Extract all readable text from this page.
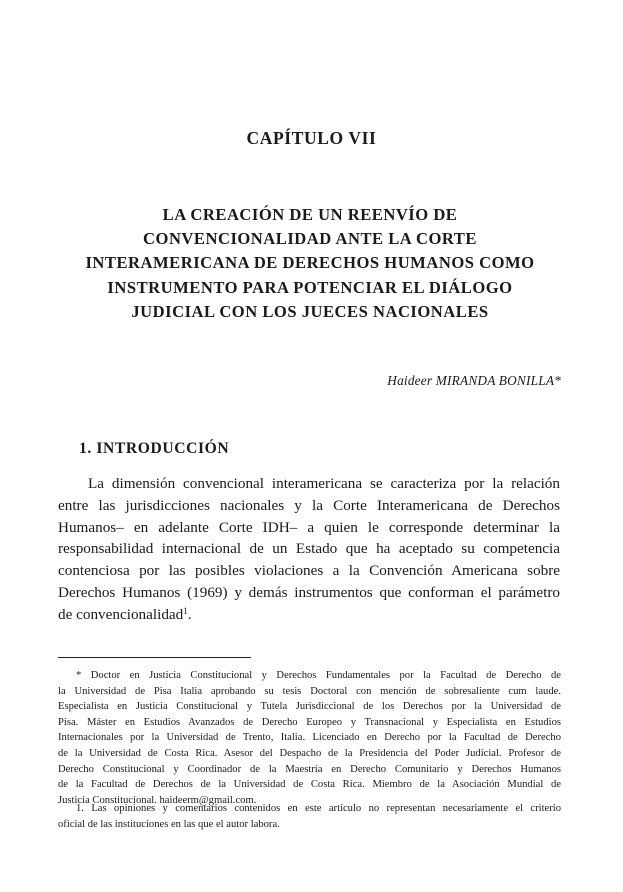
CAPÍTULO VII
LA CREACIÓN DE UN REENVÍO DE
CONVENCIONALIDAD ANTE LA CORTE
INTERAMERICANA DE DERECHOS HUMANOS COMO
INSTRUMENTO PARA POTENCIAR EL DIÁLOGO
JUDICIAL CON LOS JUECES NACIONALES

Haideer MIRANDA BONILLA*

1. INTRODUCCIÓN

La dimensión convencional interamericana se caracteriza por la relación
entre las jurisdicciones nacionales y la Corte Interamericana de Derechos
Humanos– en adelante Corte IDH– a quien le corresponde determinar la
responsabilidad internacional de un Estado que ha aceptado su competencia
contenciosa por las posibles violaciones a la Convención Americana sobre
Derechos Humanos (1969) y demás instrumentos que conforman el parámetro
de convencionalidad$^1$.

* Doctor en Justicia Constitucional y Derechos Fundamentales por la Facultad de Derecho de
la Universidad de Pisa Italia aprobando su tesis Doctoral con mención de sobresaliente cum laude.
Especialista en Justicia Constitucional y Tutela Jurisdiccional de los Derechos por la Universidad de
Pisa. Máster en Estudios Avanzados de Derecho Europeo y Transnacional y Especialista en Estudios
Internacionales por la Universidad de Trento, Italia. Licenciado en Derecho por la Facultad de Derecho
de la Universidad de Costa Rica. Asesor del Despacho de la Presidencia del Poder Judicial. Profesor de
Derecho Constitucional y Coordinador de la Maestría en Derecho Comunitario y Derechos Humanos
de la Facultad de Derechos de la Universidad de Costa Rica. Miembro de la Asociación Mundial de
Justicia Constitucional. haideerm@gmail.com.

1. Las opiniones y comentarios contenidos en este artículo no representan necesariamente el criterio
oficial de las instituciones en las que el autor labora.
